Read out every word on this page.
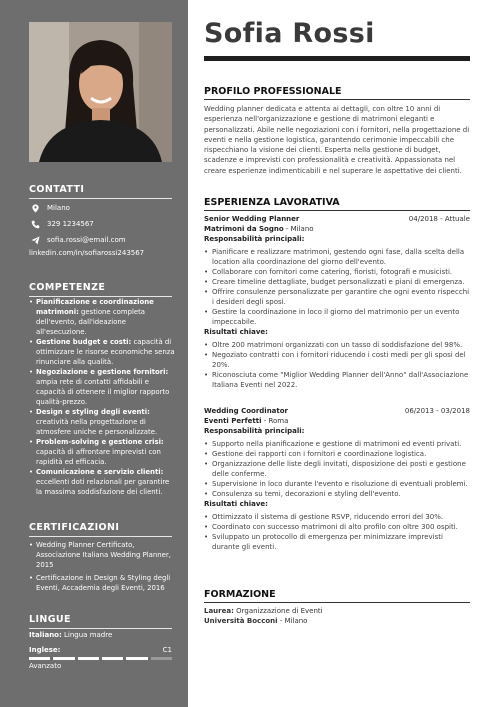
CONTATTI
Milano
329 1234567
sofia.rossi@email.com
linkedin.com/in/sofiarossi243567
COMPETENZE
• Pianificazione e coordinazione matrimoni: gestione completa dell'evento, dall'ideazione all'esecuzione.
• Gestione budget e costi: capacità di ottimizzare le risorse economiche senza rinunciare alla qualità.
• Negoziazione e gestione fornitori: ampia rete di contatti affidabili e capacità di ottenere il miglior rapporto qualità-prezzo.
• Design e styling degli eventi: creatività nella progettazione di atmosfere uniche e personalizzate.
• Problem-solving e gestione crisi: capacità di affrontare imprevisti con rapidità ed efficacia.
• Comunicazione e servizio clienti: eccellenti doti relazionali per garantire la massima soddisfazione dei clienti.
CERTIFICAZIONI
• Wedding Planner Certificato, Associazione Italiana Wedding Planner, 2015
• Certificazione in Design & Styling degli Eventi, Accademia degli Eventi, 2016
LINGUE
Italiano: Lingua madre
Inglese:	C1
Avanzato
Sofia Rossi
PROFILO PROFESSIONALE
Wedding planner dedicata e attenta ai dettagli, con oltre 10 anni di esperienza nell'organizzazione e gestione di matrimoni eleganti e personalizzati. Abile nelle negoziazioni con i fornitori, nella progettazione di eventi e nella gestione logistica, garantendo cerimonie impeccabili che rispecchiano la visione dei clienti. Esperta nella gestione di budget, scadenze e imprevisti con professionalità e creatività. Appassionata nel creare esperienze indimenticabili e nel superare le aspettative dei clienti.
ESPERIENZA LAVORATIVA
Senior Wedding Planner	04/2018 - Attuale
Matrimoni da Sogno - Milano
Responsabilità principali:
• Pianificare e realizzare matrimoni, gestendo ogni fase, dalla scelta della location alla coordinazione del giorno dell'evento.
• Collaborare con fornitori come catering, fioristi, fotografi e musicisti.
• Creare timeline dettagliate, budget personalizzati e piani di emergenza.
• Offrire consulenze personalizzate per garantire che ogni evento rispecchi i desideri degli sposi.
• Gestire la coordinazione in loco il giorno del matrimonio per un evento impeccabile.
Risultati chiave:
• Oltre 200 matrimoni organizzati con un tasso di soddisfazione del 98%.
• Negoziato contratti con i fornitori riducendo i costi medi per gli sposi del 20%.
• Riconosciuta come "Miglior Wedding Planner dell'Anno" dall'Associazione Italiana Eventi nel 2022.
Wedding Coordinator	06/2013 - 03/2018
Eventi Perfetti - Roma
Responsabilità principali:
• Supporto nella pianificazione e gestione di matrimoni ed eventi privati.
• Gestione dei rapporti con i fornitori e coordinazione logistica.
• Organizzazione delle liste degli invitati, disposizione dei posti e gestione delle conferme.
• Supervisione in loco durante l'evento e risoluzione di eventuali problemi.
• Consulenza su temi, decorazioni e styling dell'evento.
Risultati chiave:
• Ottimizzato il sistema di gestione RSVP, riducendo errori del 30%.
• Coordinato con successo matrimoni di alto profilo con oltre 300 ospiti.
• Sviluppato un protocollo di emergenza per minimizzare imprevisti durante gli eventi.
FORMAZIONE
Laurea: Organizzazione di Eventi
Università Bocconi - Milano
